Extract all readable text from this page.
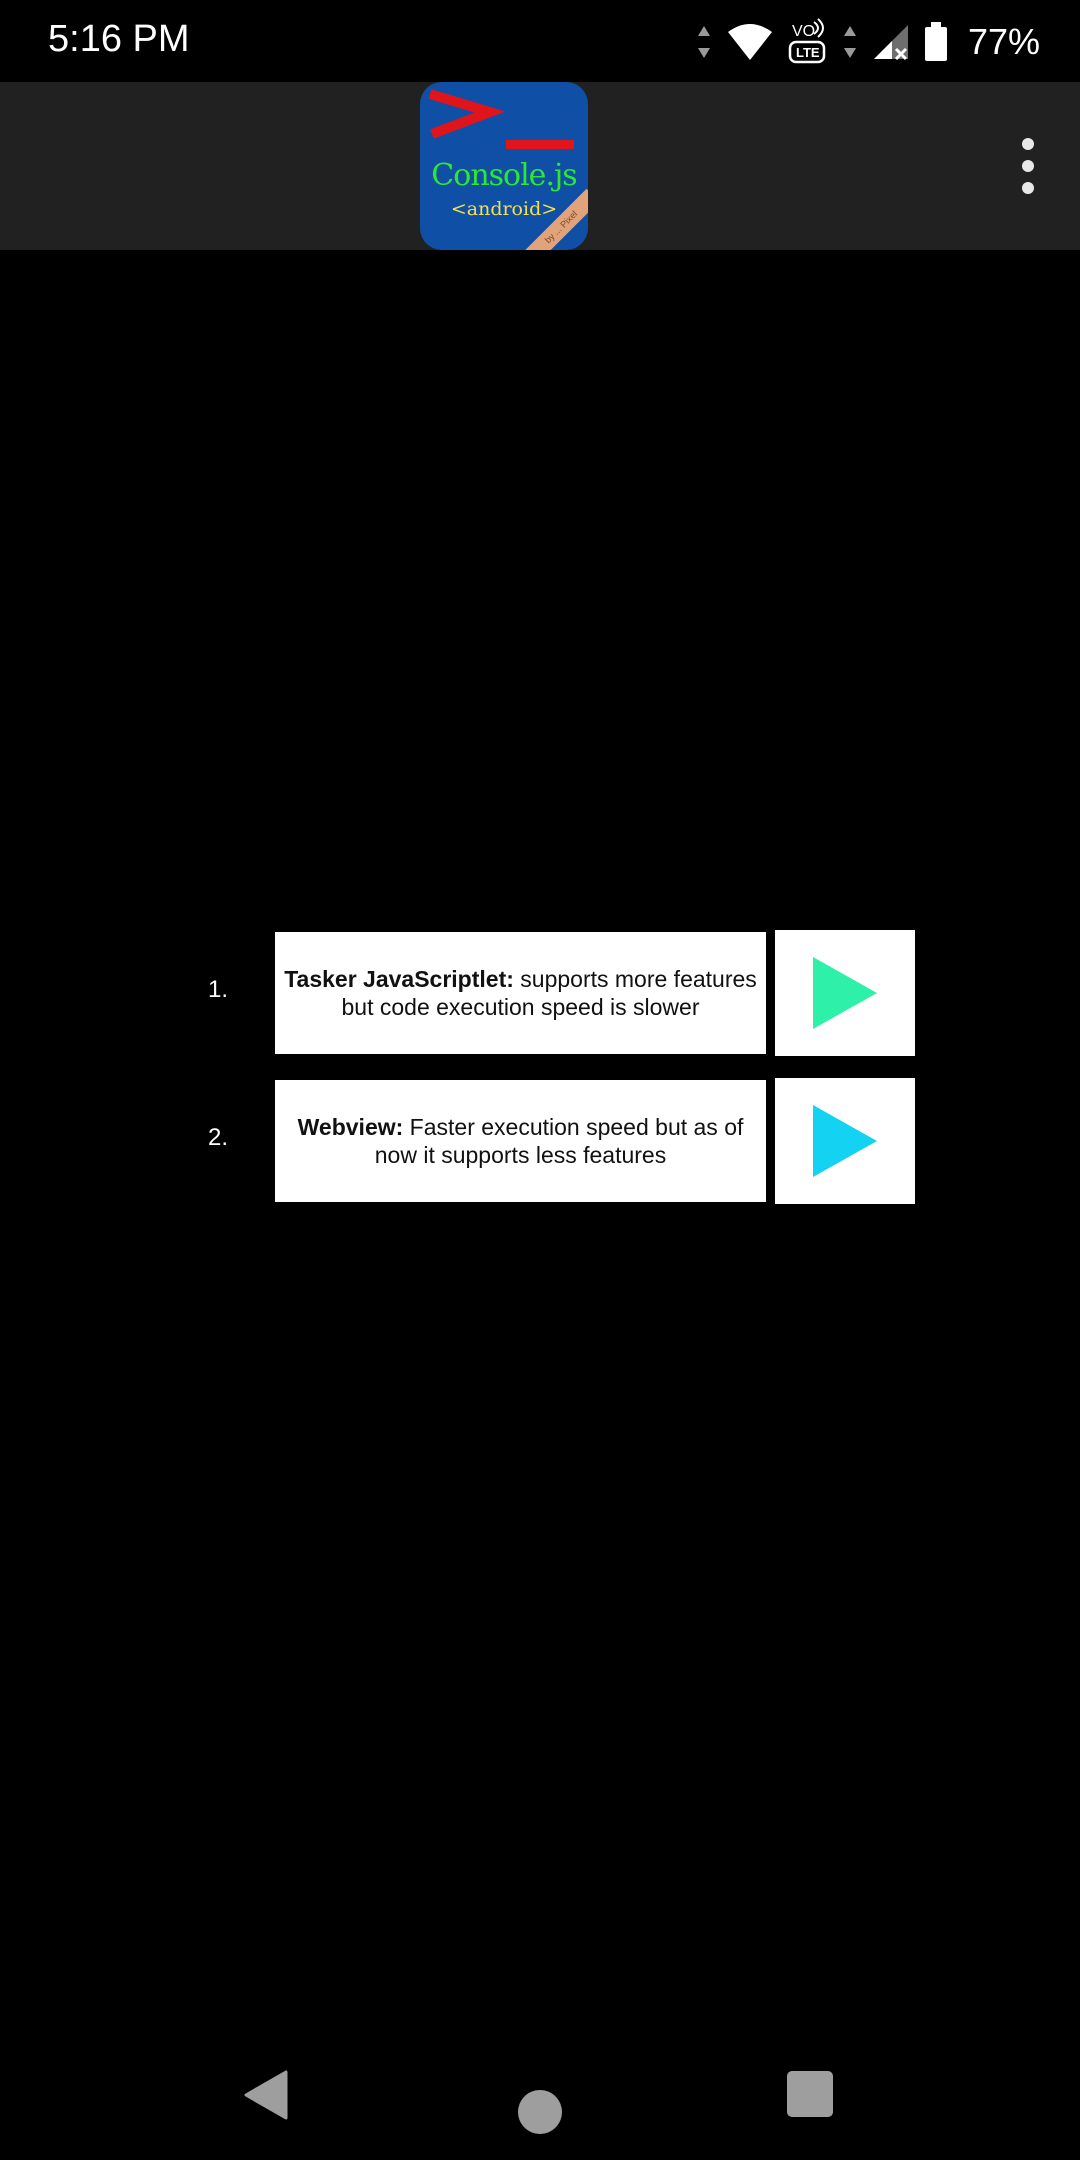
5:16 PM	VO
LTE	77%
Console.js
<android>
by ... Pixel
1. Tasker JavaScriptlet: supports more features but code execution speed is slower
2.	Webview: Faster execution speed but as of now it supports less features
